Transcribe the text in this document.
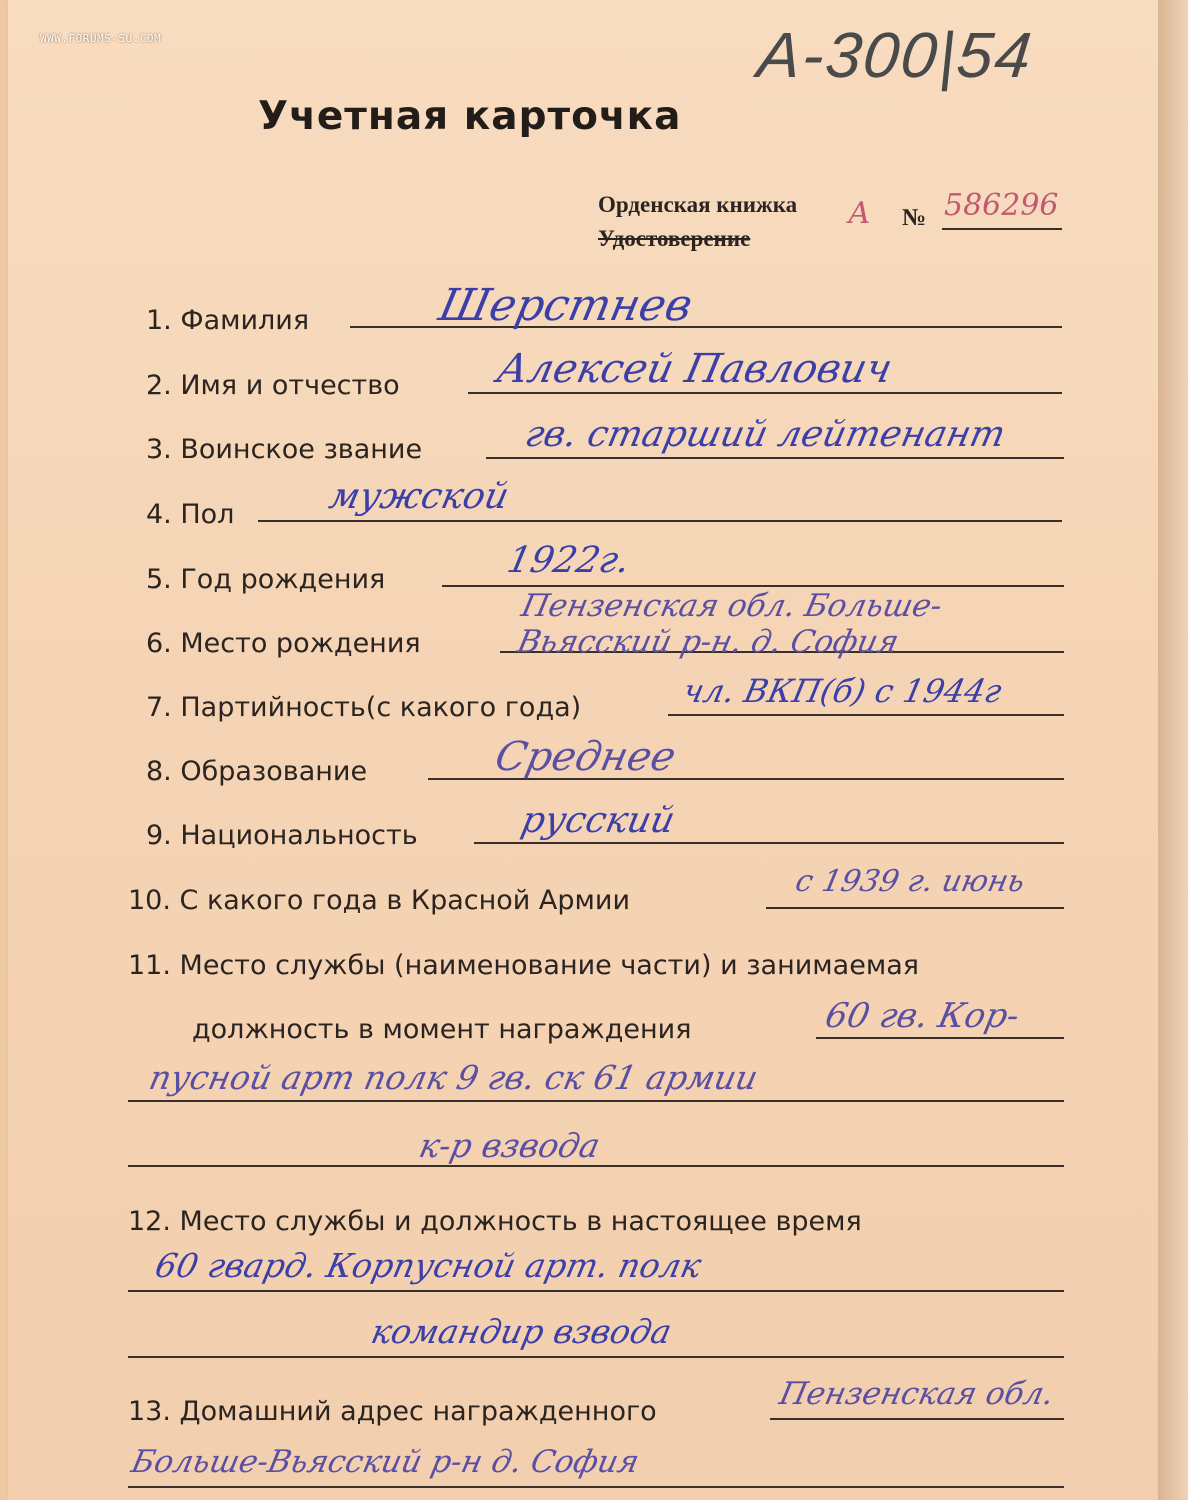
WWW.FORUMS-SU.COM	А-300|54
Учетная карточка
Орденская книжка
Удостоверение
А № 586296
1. Фамилия	Шерстнев
2. Имя и отчество Алексей Павлович
3. Воинское звание	гв. старший лейтенант
4. Пол	мужской
5. Год рождения	1922г.
6. Место рождения
Пензенская обл. Больше-
Вьясский р-н. д. София
7. Партийность(с какого года)	чл. ВКП(б) с 1944г
8. Образование	Среднее
9. Национальность	русский
10. С какого года в Красной Армии
с 1939 г. июнь
11. Место службы (наименование части) и занимаемая
должность в момент награждения	60 гв. Кор-
пусной арт полк 9 гв. ск 61 армии
к-р взвода
12. Место службы и должность в настоящее время
60 гвард. Корпусной арт. полк
командир взвода
13. Домашний адрес награжденного	Пензенская обл.
Больше-Вьясский р-н д. София
